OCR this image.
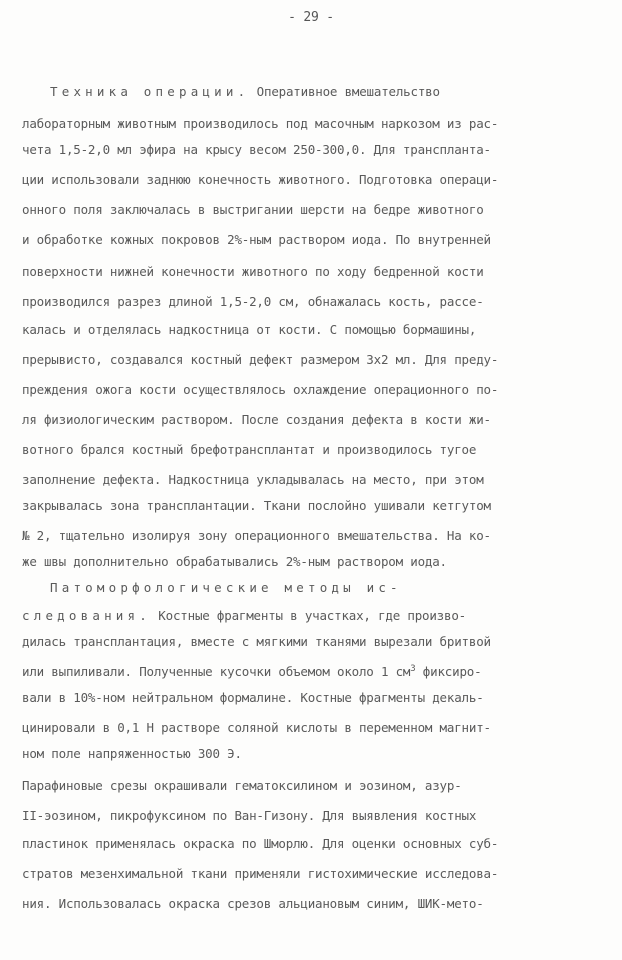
- 29 -
Техника операции. Оперативное вмешательство
лабораторным животным производилось под масочным наркозом из рас-
чета 1,5-2,0 мл эфира на крысу весом 250-300,0. Для транспланта-
ции использовали заднюю конечность животного. Подготовка операци-
онного поля заключалась в выстригании шерсти на бедре животного
и обработке кожных покровов 2%-ным раствором иода. По внутренней
поверхности нижней конечности животного по ходу бедренной кости
производился разрез длиной 1,5-2,0 см, обнажалась кость, рассе-
калась и отделялась надкостница от кости. С помощью бормашины,
прерывисто, создавался костный дефект размером 3х2 мл. Для преду-
преждения ожога кости осуществлялось охлаждение операционного по-
ля физиологическим раствором. После создания дефекта в кости жи-
вотного брался костный брефотрансплантат и производилось тугое
заполнение дефекта. Надкостница укладывалась на место, при этом
закрывалась зона трансплантации. Ткани послойно ушивали кетгутом
№ 2, тщательно изолируя зону операционного вмешательства. На ко-
же швы дополнительно обрабатывались 2%-ным раствором иода.
Патоморфологические методы ис-
следования. Костные фрагменты в участках, где произво-
дилась трансплантация, вместе с мягкими тканями вырезали бритвой
или выпиливали. Полученные кусочки объемом около 1 $см^3$ фиксиро-
вали в 10%-ном нейтральном формалине. Костные фрагменты декаль-
цинировали в 0,1 Н растворе соляной кислоты в переменном магнит-
ном поле напряженностью 300 Э.
Парафиновые срезы окрашивали гематоксилином и эозином, азур-
II-эозином, пикрофуксином по Ван-Гизону. Для выявления костных
пластинок применялась окраска по Шморлю. Для оценки основных суб-
стратов мезенхимальной ткани применяли гистохимические исследова-
ния. Использовалась окраска срезов альциановым синим, ШИК-мето-
